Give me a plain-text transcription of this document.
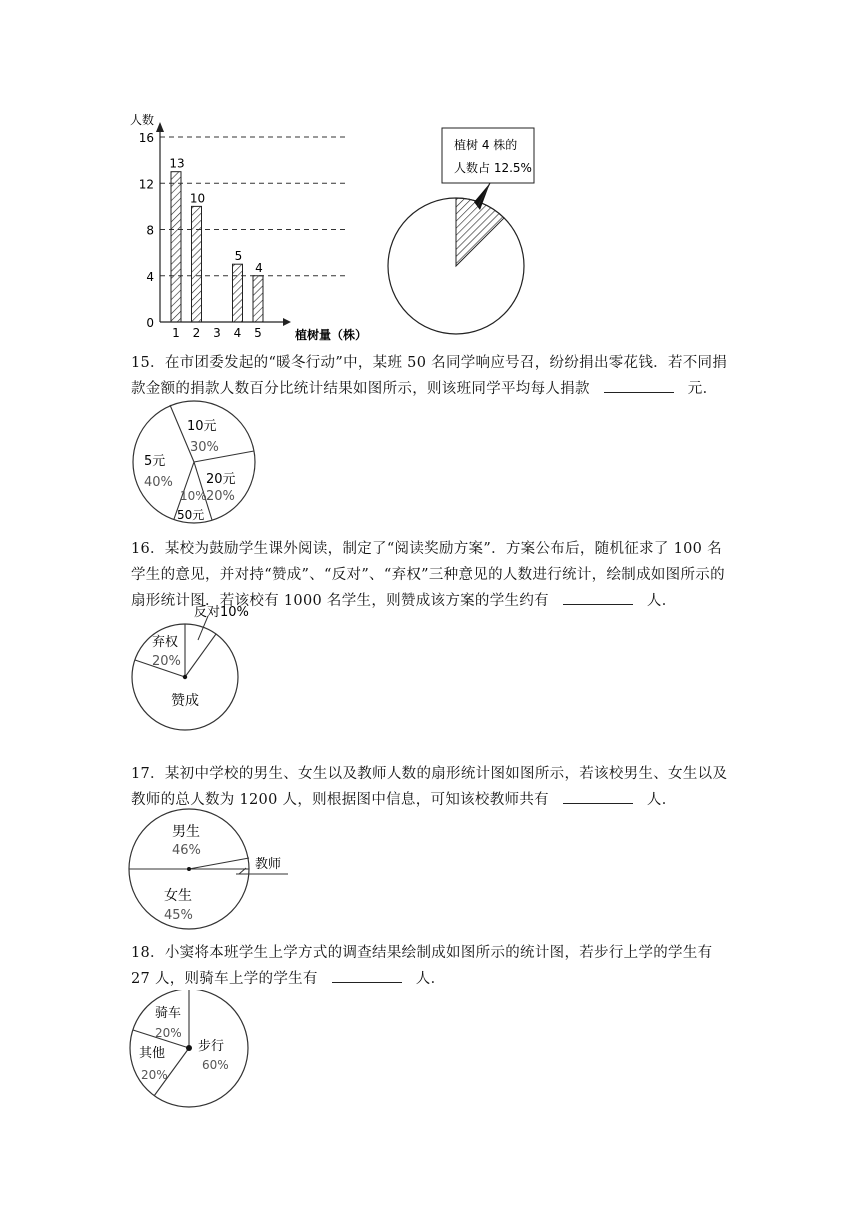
0
4
8
12
16
人数
植树量（株）
1
13
2
10
3 4
5
5
4
植树 4 株的
人数占 12.5%
15．在市团委发起的“暖冬行动”中，某班 50 名同学响应号召，纷纷捐出零花钱．若不同捐款金额的捐款人数百分比统计结果如图所示，则该班同学平均每人捐款	元．
10元
30%
20元
20%
10%
50元
5元
40%
16．某校为鼓励学生课外阅读，制定了“阅读奖励方案”．方案公布后，随机征求了 100 名学生的意见，并对持“赞成”、“反对”、“弃权”三种意见的人数进行统计，绘制成如图所示的扇形统计图．若该校有 1000 名学生，则赞成该方案的学生约有	人．
反对10%
弃权
20%
赞成
17．某初中学校的男生、女生以及教师人数的扇形统计图如图所示，若该校男生、女生以及教师的总人数为 1200 人，则根据图中信息，可知该校教师共有	人．
教师
男生
46%
女生
45%
18．小窦将本班学生上学方式的调查结果绘制成如图所示的统计图，若步行上学的学生有 27 人，则骑车上学的学生有	人．
骑车
20%
其他
20%
步行
60%
